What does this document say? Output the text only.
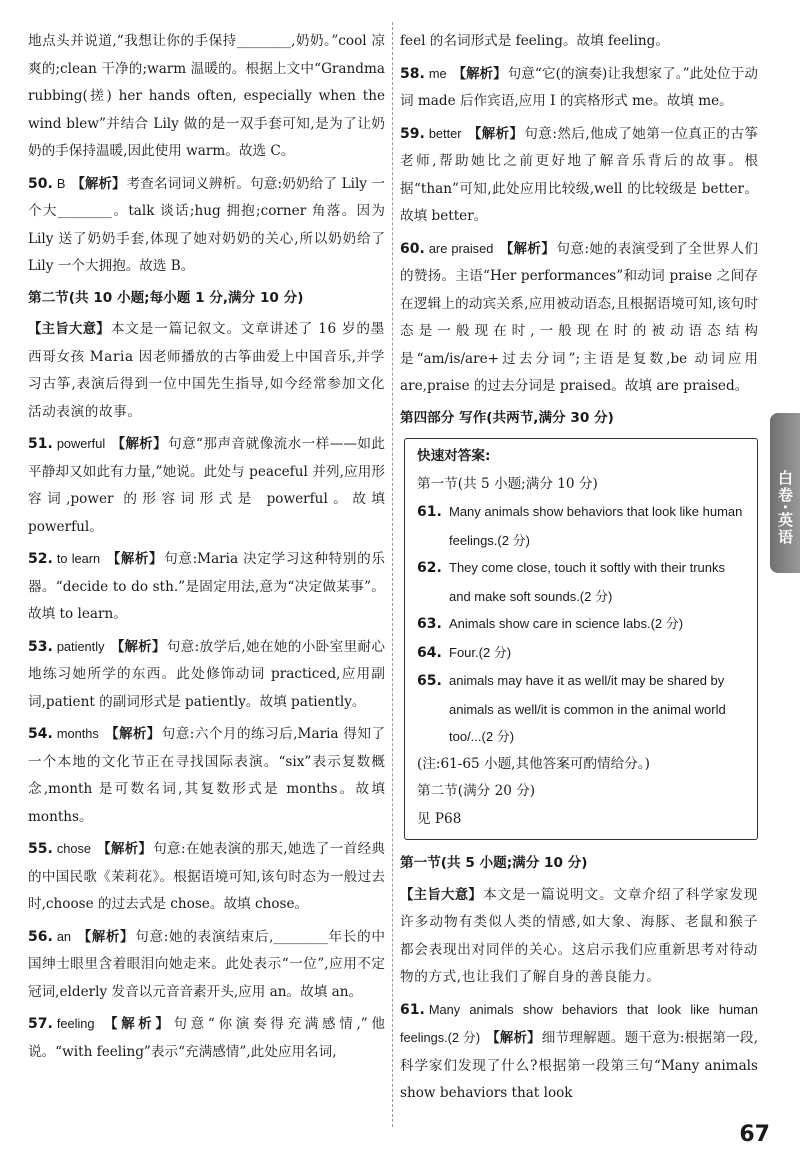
地点头并说道,“我想让你的手保持________,奶奶。”cool 凉爽的;clean 干净的;warm 温暖的。根据上文中“Grandma rubbing(搓) her hands often, especially when the wind blew”并结合 Lily 做的是一双手套可知,是为了让奶奶的手保持温暖,因此使用 warm。故选 C。

50. B 【解析】考查名词词义辨析。句意:奶奶给了 Lily 一个大________。talk 谈话;hug 拥抱;corner 角落。因为 Lily 送了奶奶手套,体现了她对奶奶的关心,所以奶奶给了 Lily 一个大拥抱。故选 B。

第二节(共 10 小题;每小题 1 分,满分 10 分)

【主旨大意】本文是一篇记叙文。文章讲述了 16 岁的墨西哥女孩 Maria 因老师播放的古筝曲爱上中国音乐,并学习古筝,表演后得到一位中国先生指导,如今经常参加文化活动表演的故事。

51. powerful 【解析】句意“那声音就像流水一样——如此平静却又如此有力量,”她说。此处与 peaceful 并列,应用形容词,power 的形容词形式是 powerful。故填 powerful。

52. to learn 【解析】句意:Maria 决定学习这种特别的乐器。“decide to do sth.”是固定用法,意为“决定做某事”。故填 to learn。

53. patiently 【解析】句意:放学后,她在她的小卧室里耐心地练习她所学的东西。此处修饰动词 practiced,应用副词,patient 的副词形式是 patiently。故填 patiently。

54. months 【解析】句意:六个月的练习后,Maria 得知了一个本地的文化节正在寻找国际表演。“six”表示复数概念,month 是可数名词,其复数形式是 months。故填 months。

55. chose 【解析】句意:在她表演的那天,她选了一首经典的中国民歌《茉莉花》。根据语境可知,该句时态为一般过去时,choose 的过去式是 chose。故填 chose。

56. an 【解析】句意:她的表演结束后,________年长的中国绅士眼里含着眼泪向她走来。此处表示“一位”,应用不定冠词,elderly 发音以元音音素开头,应用 an。故填 an。

57. feeling 【解析】句意“你演奏得充满感情,”他说。“with feeling”表示“充满感情”,此处应用名词,

feel 的名词形式是 feeling。故填 feeling。

58. me 【解析】句意“它(的演奏)让我想家了。”此处位于动词 made 后作宾语,应用 I 的宾格形式 me。故填 me。

59. better 【解析】句意:然后,他成了她第一位真正的古筝老师,帮助她比之前更好地了解音乐背后的故事。根据“than”可知,此处应用比较级,well 的比较级是 better。故填 better。

60. are praised 【解析】句意:她的表演受到了全世界人们的赞扬。主语“Her performances”和动词 praise 之间存在逻辑上的动宾关系,应用被动语态,且根据语境可知,该句时态是一般现在时,一般现在时的被动语态结构是“am/is/are+过去分词”;主语是复数,be 动词应用 are,praise 的过去分词是 praised。故填 are praised。

第四部分 写作(共两节,满分 30 分)

快速对答案:

第一节(共 5 小题;满分 10 分)

61. Many animals show behaviors that look like human feelings.(2 分)

62. They come close, touch it softly with their trunks and make soft sounds.(2 分)

63. Animals show care in science labs.(2 分)

64. Four.(2 分)

65. animals may have it as well/it may be shared by animals as well/it is common in the animal world too/...(2 分)

(注:61-65 小题,其他答案可酌情给分。)

第二节(满分 20 分)

见 P68

第一节(共 5 小题;满分 10 分)

【主旨大意】本文是一篇说明文。文章介绍了科学家发现许多动物有类似人类的情感,如大象、海豚、老鼠和猴子都会表现出对同伴的关心。这启示我们应重新思考对待动物的方式,也让我们了解自身的善良能力。

61. Many animals show behaviors that look like human feelings.(2 分) 【解析】细节理解题。题干意为:根据第一段,科学家们发现了什么?根据第一段第三句“Many animals show behaviors that look

白卷·英语
67
